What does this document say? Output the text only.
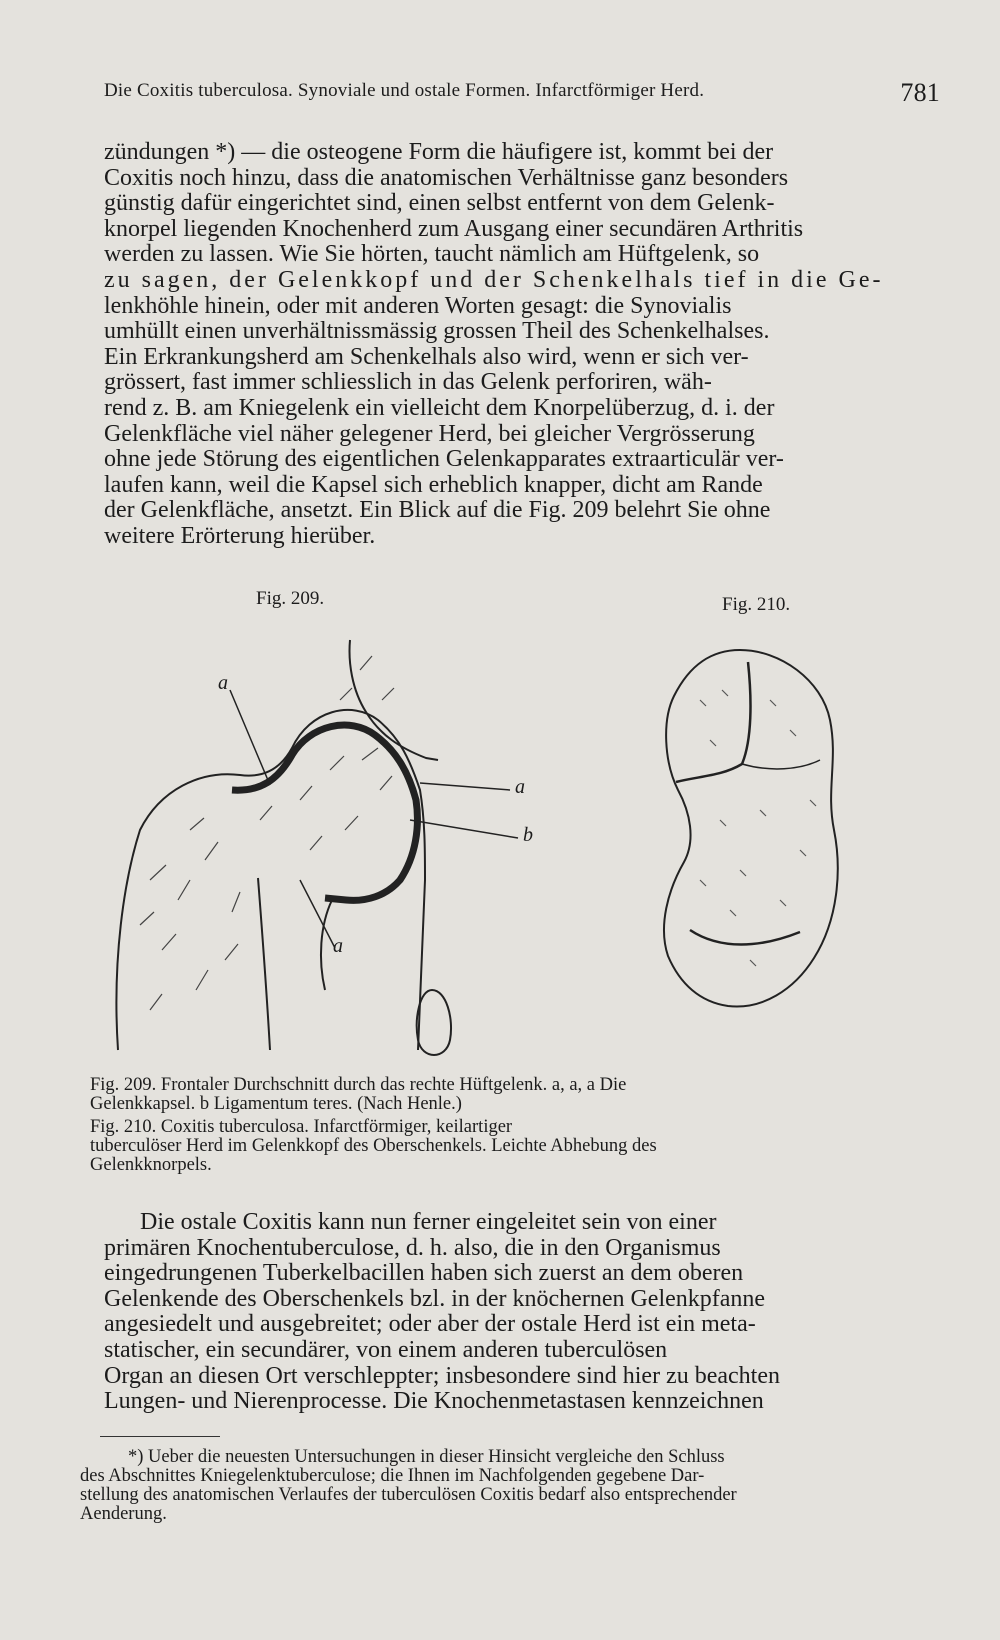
Die Coxitis tuberculosa. Synoviale und ostale Formen. Infarctförmiger Herd.	781
zündungen *) — die osteogene Form die häufigere ist, kommt bei der
Coxitis noch hinzu, dass die anatomischen Verhältnisse ganz besonders
günstig dafür eingerichtet sind, einen selbst entfernt von dem Gelenk-
knorpel liegenden Knochenherd zum Ausgang einer secundären Arthritis
werden zu lassen. Wie Sie hörten, taucht nämlich am Hüftgelenk, so
zu sagen, der Gelenkkopf und der Schenkelhals tief in die Ge-
lenkhöhle hinein, oder mit anderen Worten gesagt: die Synovialis
umhüllt einen unverhältnissmässig grossen Theil des Schenkelhalses.
Ein Erkrankungsherd am Schenkelhals also wird, wenn er sich ver-
grössert, fast immer schliesslich in das Gelenk perforiren, wäh-
rend z. B. am Kniegelenk ein vielleicht dem Knorpelüberzug, d. i. der
Gelenkfläche viel näher gelegener Herd, bei gleicher Vergrösserung
ohne jede Störung des eigentlichen Gelenkapparates extraarticulär ver-
laufen kann, weil die Kapsel sich erheblich knapper, dicht am Rande
der Gelenkfläche, ansetzt. Ein Blick auf die Fig. 209 belehrt Sie ohne
weitere Erörterung hierüber.
Fig. 209.	Fig. 210.
a
a
b
a
Fig. 209. Frontaler Durchschnitt durch das rechte Hüftgelenk. a, a, a Die
Gelenkkapsel. b Ligamentum teres. (Nach Henle.)
Fig. 210. Coxitis tuberculosa. Infarctförmiger, keilartiger
tuberculöser Herd im Gelenkkopf des Oberschenkels. Leichte Abhebung des
Gelenkknorpels.
Die ostale Coxitis kann nun ferner eingeleitet sein von einer
primären Knochentuberculose, d. h. also, die in den Organismus
eingedrungenen Tuberkelbacillen haben sich zuerst an dem oberen
Gelenkende des Oberschenkels bzl. in der knöchernen Gelenkpfanne
angesiedelt und ausgebreitet; oder aber der ostale Herd ist ein meta-
statischer, ein secundärer, von einem anderen tuberculösen
Organ an diesen Ort verschleppter; insbesondere sind hier zu beachten
Lungen- und Nierenprocesse. Die Knochenmetastasen kennzeichnen
*) Ueber die neuesten Untersuchungen in dieser Hinsicht vergleiche den Schluss
des Abschnittes Kniegelenktuberculose; die Ihnen im Nachfolgenden gegebene Dar-
stellung des anatomischen Verlaufes der tuberculösen Coxitis bedarf also entsprechender
Aenderung.
